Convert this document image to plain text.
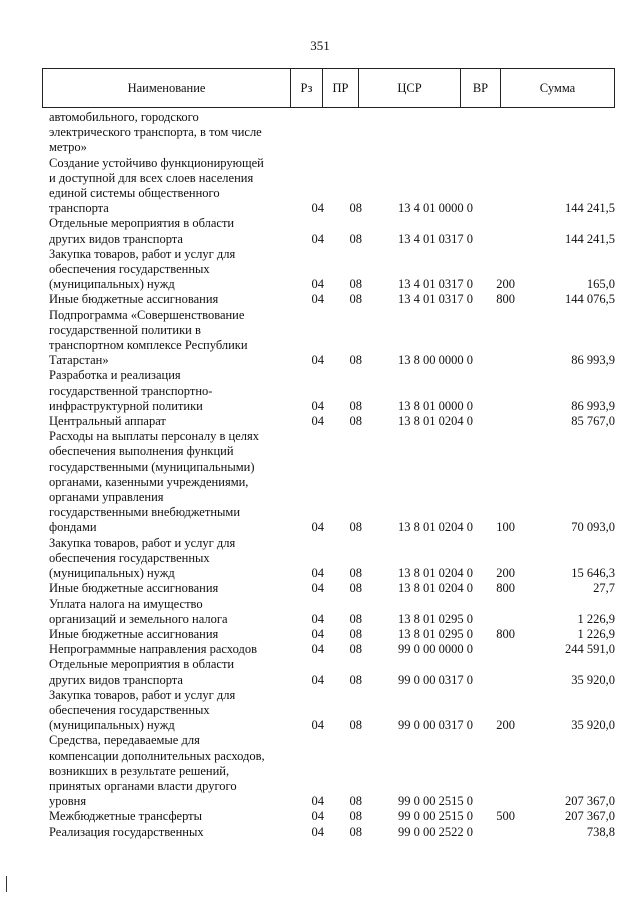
351
Наименование	Рз	ПР	ЦСР	ВР	Сумма
автомобильного, городского
электрического транспорта, в том числе
метро»
Создание устойчиво функционирующей
и доступной для всех слоев населения
единой системы общественного
транспорта	04	08	13 4 01 0000 0	144 241,5
Отдельные мероприятия в области
других видов транспорта	04	08	13 4 01 0317 0	144 241,5
Закупка товаров, работ и услуг для
обеспечения государственных
(муниципальных) нужд	04	08	13 4 01 0317 0	200	165,0
Иные бюджетные ассигнования	04	08	13 4 01 0317 0	800	144 076,5
Подпрограмма «Совершенствование
государственной политики в
транспортном комплексе Республики
Татарстан»	04	08	13 8 00 0000 0	86 993,9
Разработка и реализация
государственной транспортно-
инфраструктурной политики	04	08	13 8 01 0000 0	86 993,9
Центральный аппарат	04	08	13 8 01 0204 0	85 767,0
Расходы на выплаты персоналу в целях
обеспечения выполнения функций
государственными (муниципальными)
органами, казенными учреждениями,
органами управления
государственными внебюджетными
фондами	04	08	13 8 01 0204 0	100	70 093,0
Закупка товаров, работ и услуг для
обеспечения государственных
(муниципальных) нужд	04	08	13 8 01 0204 0	200	15 646,3
Иные бюджетные ассигнования	04	08	13 8 01 0204 0	800	27,7
Уплата налога на имущество
организаций и земельного налога	04	08	13 8 01 0295 0	1 226,9
Иные бюджетные ассигнования	04	08	13 8 01 0295 0	800	1 226,9
Непрограммные направления расходов	04	08	99 0 00 0000 0	244 591,0
Отдельные мероприятия в области
других видов транспорта	04	08	99 0 00 0317 0	35 920,0
Закупка товаров, работ и услуг для
обеспечения государственных
(муниципальных) нужд	04	08	99 0 00 0317 0	200	35 920,0
Средства, передаваемые для
компенсации дополнительных расходов,
возникших в результате решений,
принятых органами власти другого
уровня	04	08	99 0 00 2515 0	207 367,0
Межбюджетные трансферты	04	08	99 0 00 2515 0	500	207 367,0
Реализация государственных	04	08	99 0 00 2522 0	738,8
